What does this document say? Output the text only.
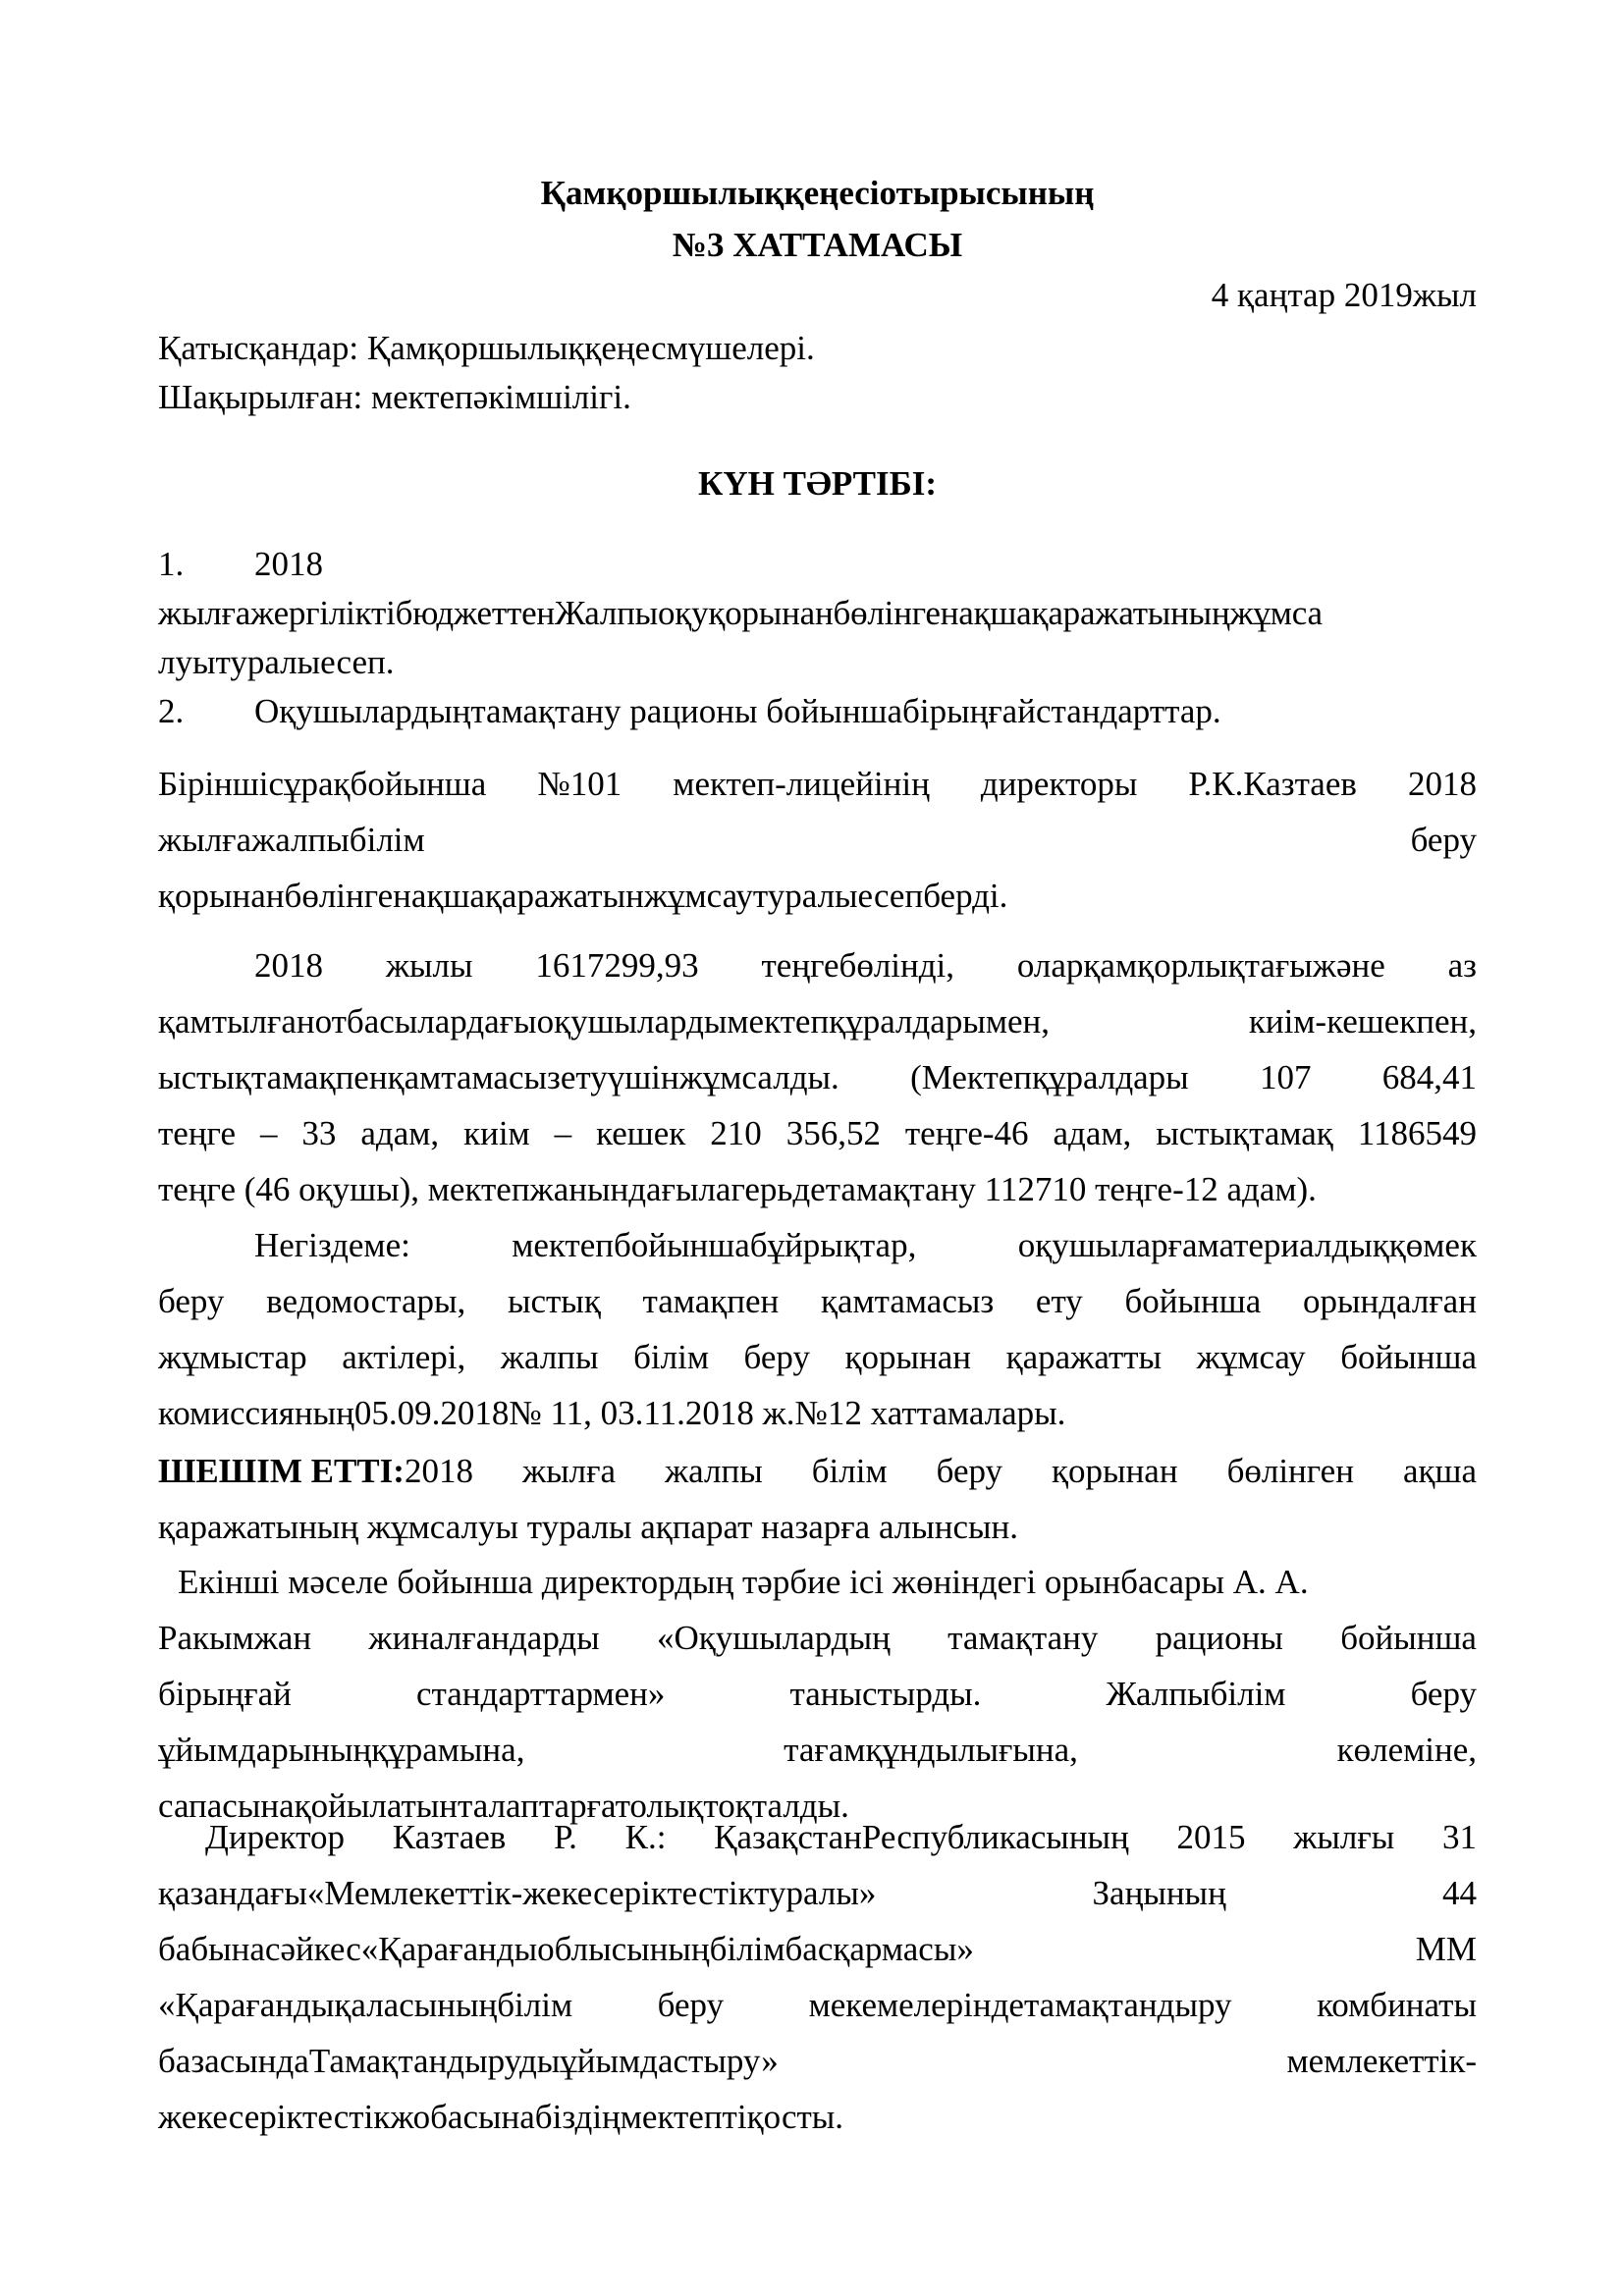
Қамқоршылыққеңесіотырысының
№3 ХАТТАМАСЫ
4 қаңтар 2019жыл
Қатысқандар: Қамқоршылыққеңесмүшелері.
Шақырылған: мектепәкімшілігі.
КҮН ТӘРТІБІ:
1. 2018
жылғажергіліктібюджеттенЖалпыоқуқорынанбөлінгенақшақаражатыныңжұмса
луытуралыесеп.
2. Оқушылардыңтамақтану рационы бойыншабірыңғайстандарттар.
Біріншісұрақбойынша №101 мектеп-лицейінің директоры Р.К.Казтаев 2018
жылғажалпыбілім	беру
қорынанбөлінгенақшақаражатынжұмсаутуралыесепберді.
2018 жылы 1617299,93 теңгебөлінді, оларқамқорлықтағыжәне аз
қамтылғанотбасылардағыоқушылардымектепқұралдарымен,	киім-кешекпен,
ыстықтамақпенқамтамасызетуүшінжұмсалды. (Мектепқұралдары 107 684,41
теңге – 33 адам, киім – кешек 210 356,52 теңге-46 адам, ыстықтамақ 1186549
теңге (46 оқушы), мектепжанындағылагерьдетамақтану 112710 теңге-12 адам).
Негіздеме:	мектепбойыншабұйрықтар,	оқушыларғаматериалдыққөмек
беру ведомостары, ыстық тамақпен қамтамасыз ету бойынша орындалған
жұмыстар актілері, жалпы білім беру қорынан қаражатты жұмсау бойынша
комиссияның05.09.2018№ 11, 03.11.2018 ж.№12 хаттамалары.
ШЕШІМ ЕТТІ:2018 жылға жалпы білім беру қорынан бөлінген ақша
қаражатының жұмсалуы туралы ақпарат назарға алынсын.
Екінші мәселе бойынша директордың тәрбие ісі жөніндегі орынбасары А. А.
Ракымжан жиналғандарды «Оқушылардың тамақтану рационы бойынша
бірыңғай	стандарттармен»	таныстырды.	Жалпыбілім	беру
ұйымдарыныңқұрамына,	тағамқұндылығына,	көлеміне,
сапасынақойылатынталаптарғатолықтоқталды.
Директор Казтаев Р. К.: ҚазақстанРеспубликасының 2015 жылғы 31
қазандағы«Мемлекеттік-жекесеріктестіктуралы»	Заңының	44
бабынасәйкес«Қарағандыоблысыныңбілімбасқармасы»	ММ
«Қарағандықаласыныңбілім беру мекемелеріндетамақтандыру комбинаты
базасындаТамақтандырудыұйымдастыру»	мемлекеттік-
жекесеріктестікжобасынабіздіңмектептіқосты.
